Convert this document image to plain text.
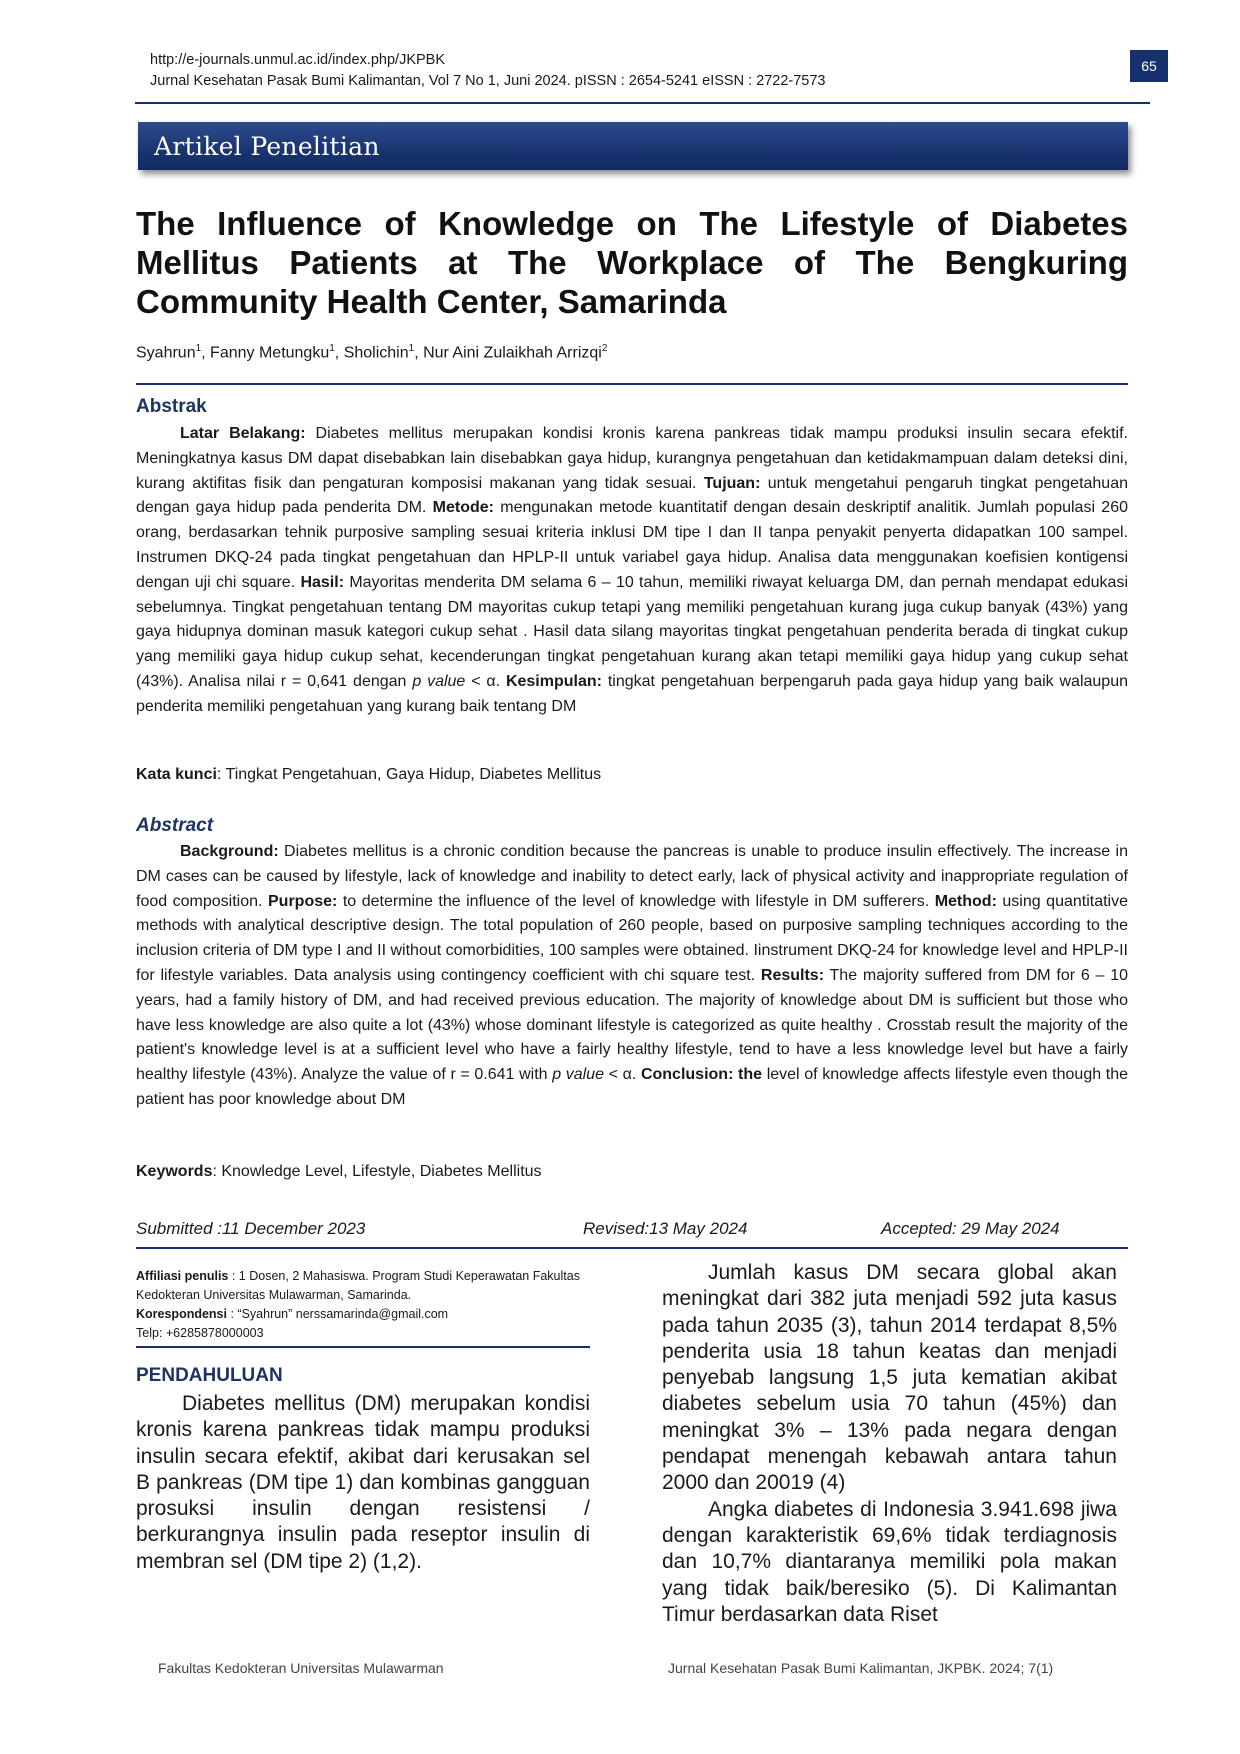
http://e-journals.unmul.ac.id/index.php/JKPBK
Jurnal Kesehatan Pasak Bumi Kalimantan, Vol 7 No 1, Juni 2024. pISSN : 2654-5241 eISSN : 2722-7573
65
Artikel Penelitian
The Influence of Knowledge on The Lifestyle of Diabetes
Mellitus Patients at The Workplace of The Bengkuring
Community Health Center, Samarinda
Syahrun$^1$, Fanny Metungku$^1$, Sholichin$^1$, Nur Aini Zulaikhah Arrizqi$^2$
Abstrak
Latar Belakang: Diabetes mellitus merupakan kondisi kronis karena pankreas tidak mampu produksi insulin secara efektif. Meningkatnya kasus DM dapat disebabkan lain disebabkan gaya hidup, kurangnya pengetahuan dan ketidakmampuan dalam deteksi dini, kurang aktifitas fisik dan pengaturan komposisi makanan yang tidak sesuai. Tujuan: untuk mengetahui pengaruh tingkat pengetahuan dengan gaya hidup pada penderita DM. Metode: mengunakan metode kuantitatif dengan desain deskriptif analitik. Jumlah populasi 260 orang, berdasarkan tehnik purposive sampling sesuai kriteria inklusi DM tipe I dan II tanpa penyakit penyerta didapatkan 100 sampel. Instrumen DKQ-24 pada tingkat pengetahuan dan HPLP-II untuk variabel gaya hidup. Analisa data menggunakan koefisien kontigensi dengan uji chi square. Hasil: Mayoritas menderita DM selama 6 – 10 tahun, memiliki riwayat keluarga DM, dan pernah mendapat edukasi sebelumnya. Tingkat pengetahuan tentang DM mayoritas cukup tetapi yang memiliki pengetahuan kurang juga cukup banyak (43%) yang gaya hidupnya dominan masuk kategori cukup sehat . Hasil data silang mayoritas tingkat pengetahuan penderita berada di tingkat cukup yang memiliki gaya hidup cukup sehat, kecenderungan tingkat pengetahuan kurang akan tetapi memiliki gaya hidup yang cukup sehat (43%). Analisa nilai r = 0,641 dengan p value < α. Kesimpulan: tingkat pengetahuan berpengaruh pada gaya hidup yang baik walaupun penderita memiliki pengetahuan yang kurang baik tentang DM
Kata kunci: Tingkat Pengetahuan, Gaya Hidup, Diabetes Mellitus
Abstract
Background: Diabetes mellitus is a chronic condition because the pancreas is unable to produce insulin effectively. The increase in DM cases can be caused by lifestyle, lack of knowledge and inability to detect early, lack of physical activity and inappropriate regulation of food composition. Purpose: to determine the influence of the level of knowledge with lifestyle in DM sufferers. Method: using quantitative methods with analytical descriptive design. The total population of 260 people, based on purposive sampling techniques according to the inclusion criteria of DM type I and II without comorbidities, 100 samples were obtained. Iinstrument DKQ-24 for knowledge level and HPLP-II for lifestyle variables. Data analysis using contingency coefficient with chi square test. Results: The majority suffered from DM for 6 – 10 years, had a family history of DM, and had received previous education. The majority of knowledge about DM is sufficient but those who have less knowledge are also quite a lot (43%) whose dominant lifestyle is categorized as quite healthy . Crosstab result the majority of the patient's knowledge level is at a sufficient level who have a fairly healthy lifestyle, tend to have a less knowledge level but have a fairly healthy lifestyle (43%). Analyze the value of r = 0.641 with p value < α. Conclusion: the level of knowledge affects lifestyle even though the patient has poor knowledge about DM
Keywords: Knowledge Level, Lifestyle, Diabetes Mellitus
Submitted :11 December 2023	Revised:13 May 2024	Accepted: 29 May 2024
Affiliasi penulis : 1 Dosen, 2 Mahasiswa. Program Studi Keperawatan Fakultas Kedokteran Universitas Mulawarman, Samarinda.
Korespondensi : “Syahrun” nerssamarinda@gmail.com
Telp: +6285878000003
PENDAHULUAN
Diabetes mellitus (DM) merupakan kondisi kronis karena pankreas tidak mampu produksi insulin secara efektif, akibat dari kerusakan sel B pankreas (DM tipe 1) dan kombinas gangguan prosuksi insulin dengan resistensi / berkurangnya insulin pada reseptor insulin di membran sel (DM tipe 2) (1,2).
Jumlah kasus DM secara global akan meningkat dari 382 juta menjadi 592 juta kasus pada tahun 2035 (3), tahun 2014 terdapat 8,5% penderita usia 18 tahun keatas dan menjadi penyebab langsung 1,5 juta kematian akibat diabetes sebelum usia 70 tahun (45%) dan meningkat 3% – 13% pada negara dengan pendapat menengah kebawah antara tahun 2000 dan 20019 (4)
Angka diabetes di Indonesia 3.941.698 jiwa dengan karakteristik 69,6% tidak terdiagnosis dan 10,7% diantaranya memiliki pola makan yang tidak baik/beresiko (5). Di Kalimantan Timur berdasarkan data Riset
Fakultas Kedokteran Universitas Mulawarman	Jurnal Kesehatan Pasak Bumi Kalimantan, JKPBK. 2024; 7(1)
